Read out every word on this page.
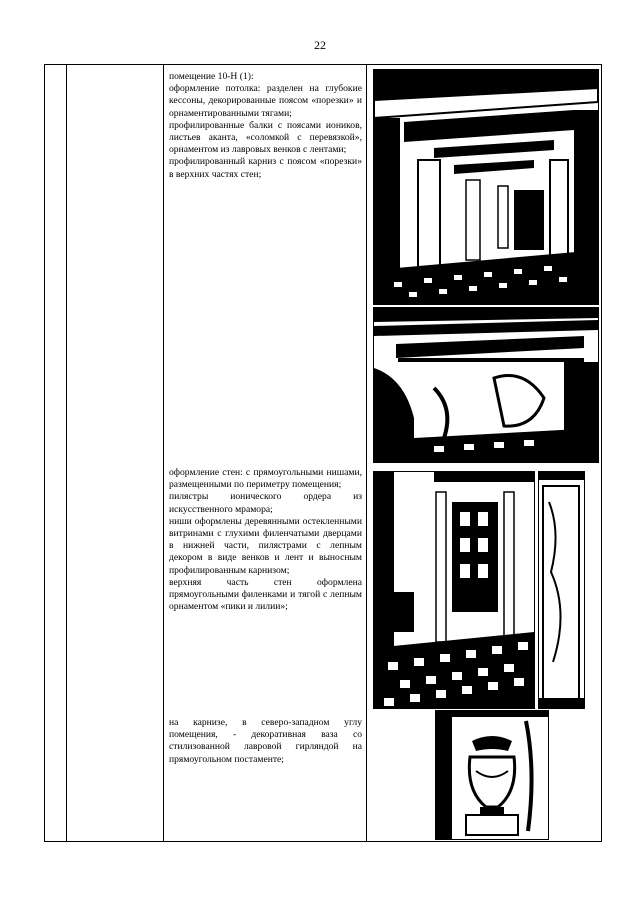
22

помещение 10-Н (1):

оформление потолка: разделен на глубокие кессоны, декорированные поясом «порезки» и орнаментированными тягами;

профилированные балки с поясами иоников, листьев аканта, «соломкой с перевязкой», орнаментом из лавровых венков с лентами;

профилированный карниз с поясом «порезки» в верхних частях стен;

оформление стен: с прямоугольными нишами, размещенными по периметру помещения;

пилястры ионического ордера из искусственного мрамора;

ниши оформлены деревянными остекленными витринами с глухими филенчатыми дверцами в нижней части, пилястрами с лепным декором в виде венков и лент и выносным профилированным карнизом;

верхняя часть стен оформлена прямоугольными филенками и тягой с лепным орнаментом «пики и лилии»;

на карнизе, в северо-западном углу помещения, - декоративная ваза со стилизованной лавровой гирляндой на прямоугольном постаменте;
